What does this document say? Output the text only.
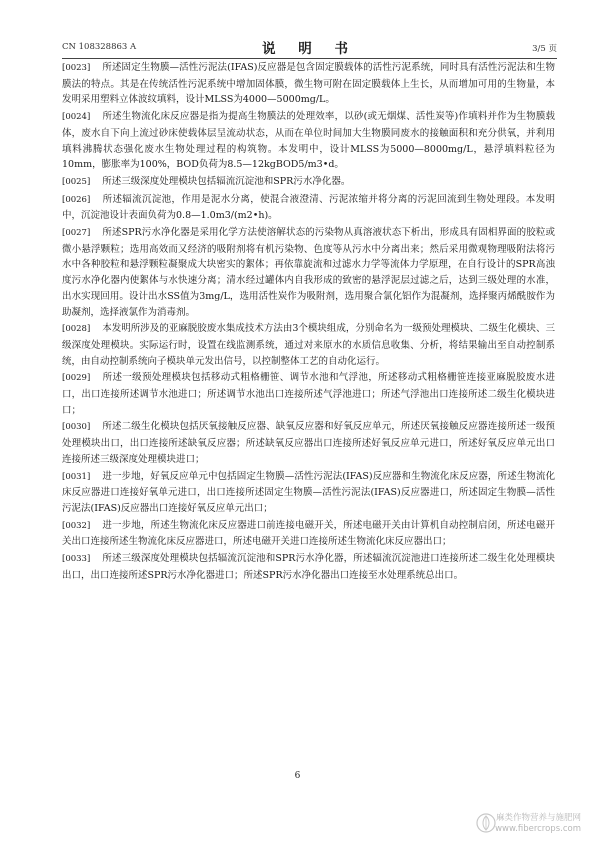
CN 108328863 A	说 明 书	3/5 页

[0023] 所述固定生物膜—活性污泥法(IFAS)反应器是包含固定膜载体的活性污泥系统，同时具有活性污泥法和生物膜法的特点。其是在传统活性污泥系统中增加固体膜，微生物可附在固定膜载体上生长，从而增加可用的生物量，本发明采用塑料立体波纹填料，设计MLSS为4000—5000mg/L。

[0024] 所述生物流化床反应器是指为提高生物膜法的处理效率，以砂(或无烟煤、活性炭等)作填料并作为生物膜载体，废水自下向上流过砂床使载体层呈流动状态，从而在单位时间加大生物膜同废水的接触面积和充分供氧，并利用填料沸腾状态强化废水生物处理过程的构筑物。本发明中，设计MLSS为5000—8000mg/L，悬浮填料粒径为10mm，膨胀率为100%，BOD负荷为8.5—12kgBOD5/m3•d。

[0025] 所述三级深度处理模块包括辐流沉淀池和SPR污水净化器。

[0026] 所述辐流沉淀池，作用是泥水分离，使混合液澄清、污泥浓缩并将分离的污泥回流到生物处理段。本发明中，沉淀池设计表面负荷为0.8—1.0m3/(m2•h)。

[0027] 所述SPR污水净化器是采用化学方法使溶解状态的污染物从真溶液状态下析出，形成具有固相界面的胶粒或微小悬浮颗粒；选用高效而又经济的吸附剂将有机污染物、色度等从污水中分离出来；然后采用微观物理吸附法将污水中各种胶粒和悬浮颗粒凝聚成大块密实的絮体；再依靠旋流和过滤水力学等流体力学原理，在自行设计的SPR高浊度污水净化器内使絮体与水快速分离；清水经过罐体内自我形成的致密的悬浮泥层过滤之后，达到三级处理的水准，出水实现回用。设计出水SS值为3mg/L，选用活性炭作为吸附剂，选用聚合氯化铝作为混凝剂，选择聚丙烯酰胺作为助凝剂，选择液氯作为消毒剂。

[0028] 本发明所涉及的亚麻脱胶废水集成技术方法由3个模块组成，分别命名为一级预处理模块、二级生化模块、三级深度处理模块。实际运行时，设置在线监测系统，通过对来原水的水质信息收集、分析，将结果输出至自动控制系统，由自动控制系统向子模块单元发出信号，以控制整体工艺的自动化运行。

[0029] 所述一级预处理模块包括移动式粗格栅笹、调节水池和气浮池，所述移动式粗格栅笹连接亚麻脱胶废水进口，出口连接所述调节水池进口；所述调节水池出口连接所述气浮池进口；所述气浮池出口连接所述二级生化模块进口；

[0030] 所述二级生化模块包括厌氧接触反应器、缺氧反应器和好氧反应单元，所述厌氧接触反应器连接所述一级预处理模块出口，出口连接所述缺氧反应器；所述缺氧反应器出口连接所述好氧反应单元进口，所述好氧反应单元出口连接所述三级深度处理模块进口；

[0031] 进一步地，好氧反应单元中包括固定生物膜—活性污泥法(IFAS)反应器和生物流化床反应器，所述生物流化床反应器进口连接好氧单元进口，出口连接所述固定生物膜—活性污泥法(IFAS)反应器进口，所述固定生物膜—活性污泥法(IFAS)反应器出口连接好氧反应单元出口；

[0032] 进一步地，所述生物流化床反应器进口前连接电磁开关，所述电磁开关由计算机自动控制启闭，所述电磁开关出口连接所述生物流化床反应器进口，所述电磁开关进口连接所述生物流化床反应器出口；

[0033] 所述三级深度处理模块包括辐流沉淀池和SPR污水净化器，所述辐流沉淀池进口连接所述二级生化处理模块出口，出口连接所述SPR污水净化器进口；所述SPR污水净化器出口连接至水处理系统总出口。

6
麻类作物营养与施肥网
www.fibercrops.com
